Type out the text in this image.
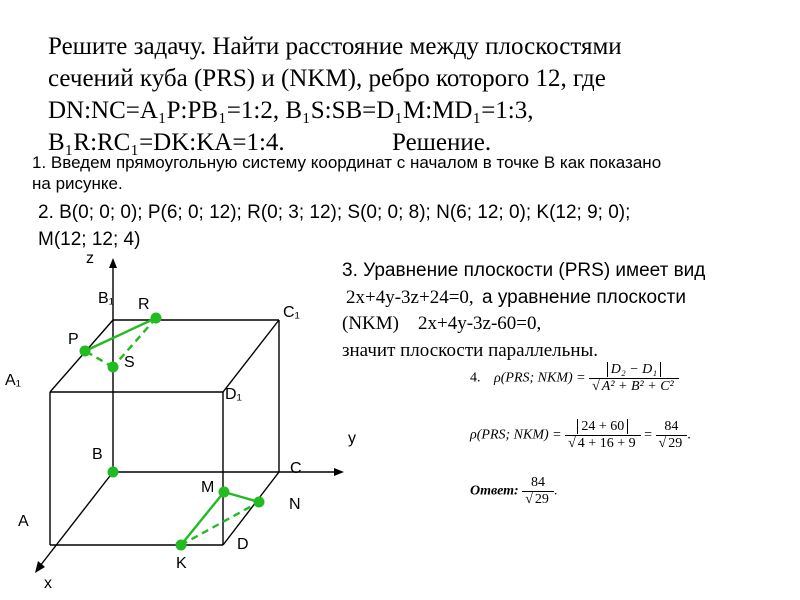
Решите задачу. Найти расстояние между плоскостями
сечений куба (PRS) и (NKM), ребро которого 12, где
DN:NC=A₁P:PB₁=1:2, B₁S:SB=D₁M:MD₁=1:3,
B₁R:RC₁=DK:KA=1:4.	Решение.
1. Введем прямоугольную систему координат с началом в точке В как показано
на рисунке.
2. B(0; 0; 0); P(6; 0; 12); R(0; 3; 12); S(0; 0; 8); N(6; 12; 0); K(12; 9; 0);
M(12; 12; 4)
3. Уравнение плоскости (PRS) имеет вид
2x+4y-3z+24=0, а уравнение плоскости
(NKM) 2x+4y-3z-60=0,
значит плоскости параллельны.
4. ρ(PRS; $NKM) = \frac{\text{D₂ − D₁}}{\text{√ A² + B² + C²}}$
ρ(PRS; $NKM) = \frac{24 + 60}{√ 4 + 16 + 9} = \frac{84}{√ 29}$ .
Ответ: $\frac{84}{√ 29}$ .
z
y
x
B₁
C₁
A₁
D₁
B
C
A
D
P
R
S
M
N
K
